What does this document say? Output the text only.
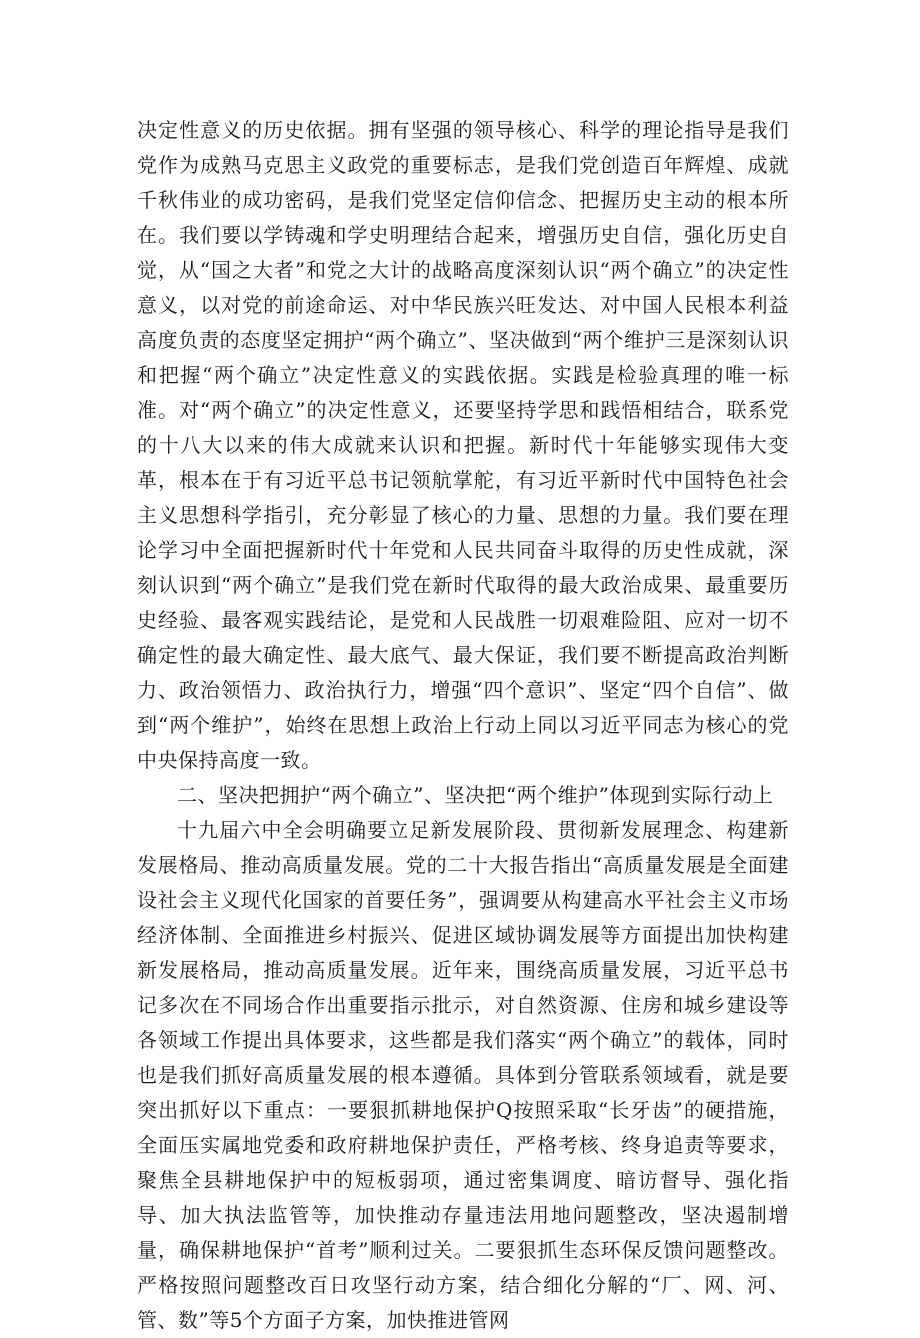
决定性意义的历史依据。拥有坚强的领导核心、科学的理论指导是我们党作为成熟马克思主义政党的重要标志，是我们党创造百年辉煌、成就千秋伟业的成功密码，是我们党坚定信仰信念、把握历史主动的根本所在。我们要以学铸魂和学史明理结合起来，增强历史自信，强化历史自觉，从“国之大者”和党之大计的战略高度深刻认识“两个确立”的决定性意义，以对党的前途命运、对中华民族兴旺发达、对中国人民根本利益高度负责的态度坚定拥护“两个确立”、坚决做到“两个维护三是深刻认识和把握“两个确立”决定性意义的实践依据。实践是检验真理的唯一标准。对“两个确立”的决定性意义，还要坚持学思和践悟相结合，联系党的十八大以来的伟大成就来认识和把握。新时代十年能够实现伟大变革，根本在于有习近平总书记领航掌舵，有习近平新时代中国特色社会主义思想科学指引，充分彰显了核心的力量、思想的力量。我们要在理论学习中全面把握新时代十年党和人民共同奋斗取得的历史性成就，深刻认识到“两个确立”是我们党在新时代取得的最大政治成果、最重要历史经验、最客观实践结论，是党和人民战胜一切艰难险阻、应对一切不确定性的最大确定性、最大底气、最大保证，我们要不断提高政治判断力、政治领悟力、政治执行力，增强“四个意识”、坚定“四个自信”、做到“两个维护”，始终在思想上政治上行动上同以习近平同志为核心的党中央保持高度一致。

二、坚决把拥护“两个确立”、坚决把“两个维护”体现到实际行动上

十九届六中全会明确要立足新发展阶段、贯彻新发展理念、构建新发展格局、推动高质量发展。党的二十大报告指出“高质量发展是全面建设社会主义现代化国家的首要任务”，强调要从构建高水平社会主义市场经济体制、全面推进乡村振兴、促进区域协调发展等方面提出加快构建新发展格局，推动高质量发展。近年来，围绕高质量发展，习近平总书记多次在不同场合作出重要指示批示，对自然资源、住房和城乡建设等各领域工作提出具体要求，这些都是我们落实“两个确立”的载体，同时也是我们抓好高质量发展的根本遵循。具体到分管联系领域看，就是要突出抓好以下重点：一要狠抓耕地保护Q按照采取“长牙齿”的硬措施，全面压实属地党委和政府耕地保护责任，严格考核、终身追责等要求，聚焦全县耕地保护中的短板弱项，通过密集调度、暗访督导、强化指导、加大执法监管等，加快推动存量违法用地问题整改，坚决遏制增量，确保耕地保护“首考”顺利过关。二要狠抓生态环保反馈问题整改。严格按照问题整改百日攻坚行动方案，结合细化分解的“厂、网、河、管、数”等5个方面子方案，加快推进管网
